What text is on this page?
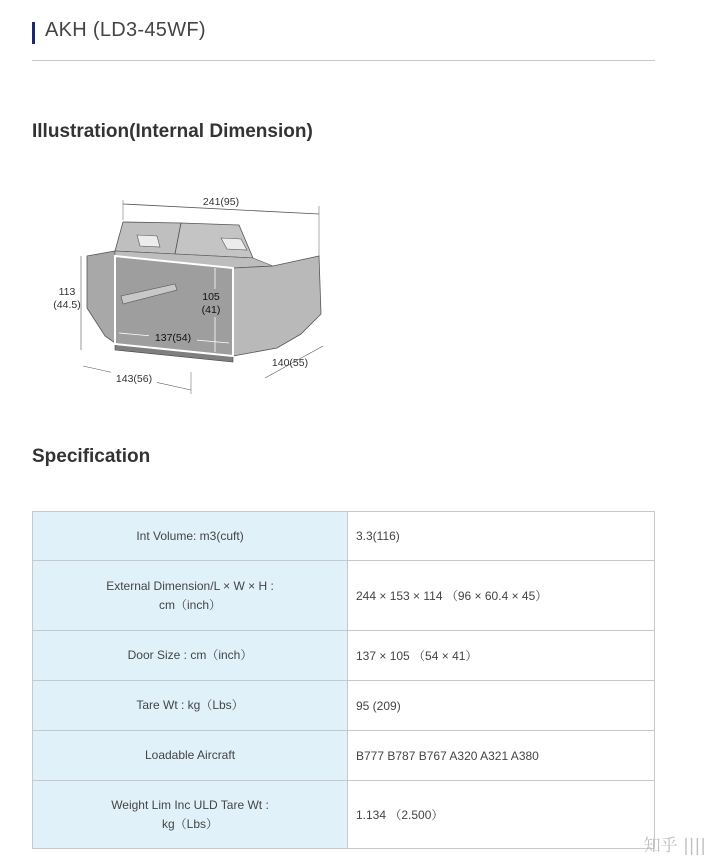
AKH (LD3-45WF)
Illustration(Internal Dimension)
241(95)
105
(41)
137(54)
113
(44.5)
143(56)
140(55)
Specification
Int Volume: m3(cuft)	3.3(116)
External Dimension/L × W × H :
cm（inch）	244 × 153 × 114 （96 × 60.4 × 45）
Door Size : cm（inch）	137 × 105 （54 × 41）
Tare Wt : kg（Lbs）	95 (209)
Loadable Aircraft	B777 B787 B767 A320 A321 A380
Weight Lim Inc ULD Tare Wt :
kg（Lbs）	1.134 （2.500）
知乎 ||||
